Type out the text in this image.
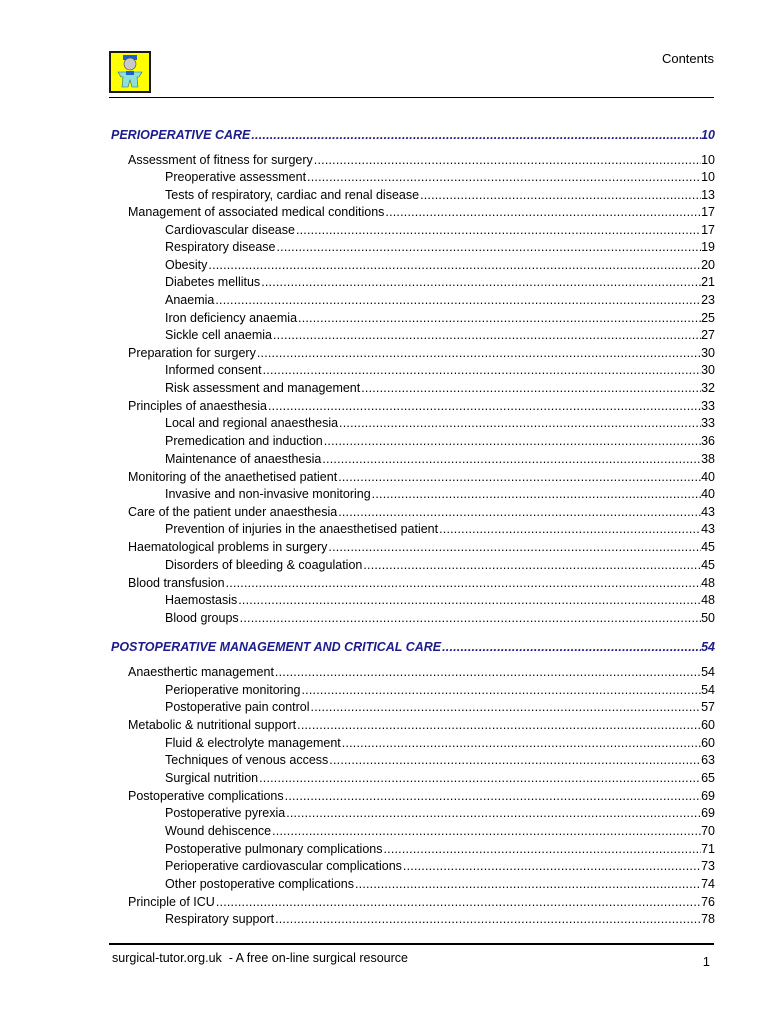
Contents
PERIOPERATIVE CARE .....	10
Assessment of fitness for surgery .....	10
Preoperative assessment .....	10
Tests of respiratory, cardiac and renal disease .....	13
Management of associated medical conditions .....	17
Cardiovascular disease .....	17
Respiratory disease .....	19
Obesity .....	20
Diabetes mellitus .....	21
Anaemia .....	23
Iron deficiency anaemia .....	25
Sickle cell anaemia .....	27
Preparation for surgery .....	30
Informed consent .....	30
Risk assessment and management .....	32
Principles of anaesthesia .....	33
Local and regional anaesthesia .....	33
Premedication and induction .....	36
Maintenance of anaesthesia .....	38
Monitoring of the anaethetised patient .....	40
Invasive and non-invasive monitoring .....	40
Care of the patient under anaesthesia .....	43
Prevention of injuries in the anaesthetised patient .....	43
Haematological problems in surgery .....	45
Disorders of bleeding & coagulation .....	45
Blood transfusion .....	48
Haemostasis .....	48
Blood groups .....	50
POSTOPERATIVE MANAGEMENT AND CRITICAL CARE .....	54
Anaesthertic management .....	54
Perioperative monitoring .....	54
Postoperative pain control .....	57
Metabolic & nutritional support .....	60
Fluid & electrolyte management .....	60
Techniques of venous access .....	63
Surgical nutrition .....	65
Postoperative complications .....	69
Postoperative pyrexia .....	69
Wound dehiscence .....	70
Postoperative pulmonary complications .....	71
Perioperative cardiovascular complications .....	73
Other postoperative complications .....	74
Principle of ICU .....	76
Respiratory support .....	78
surgical-tutor.org.uk  - A free on-line surgical resource	1
